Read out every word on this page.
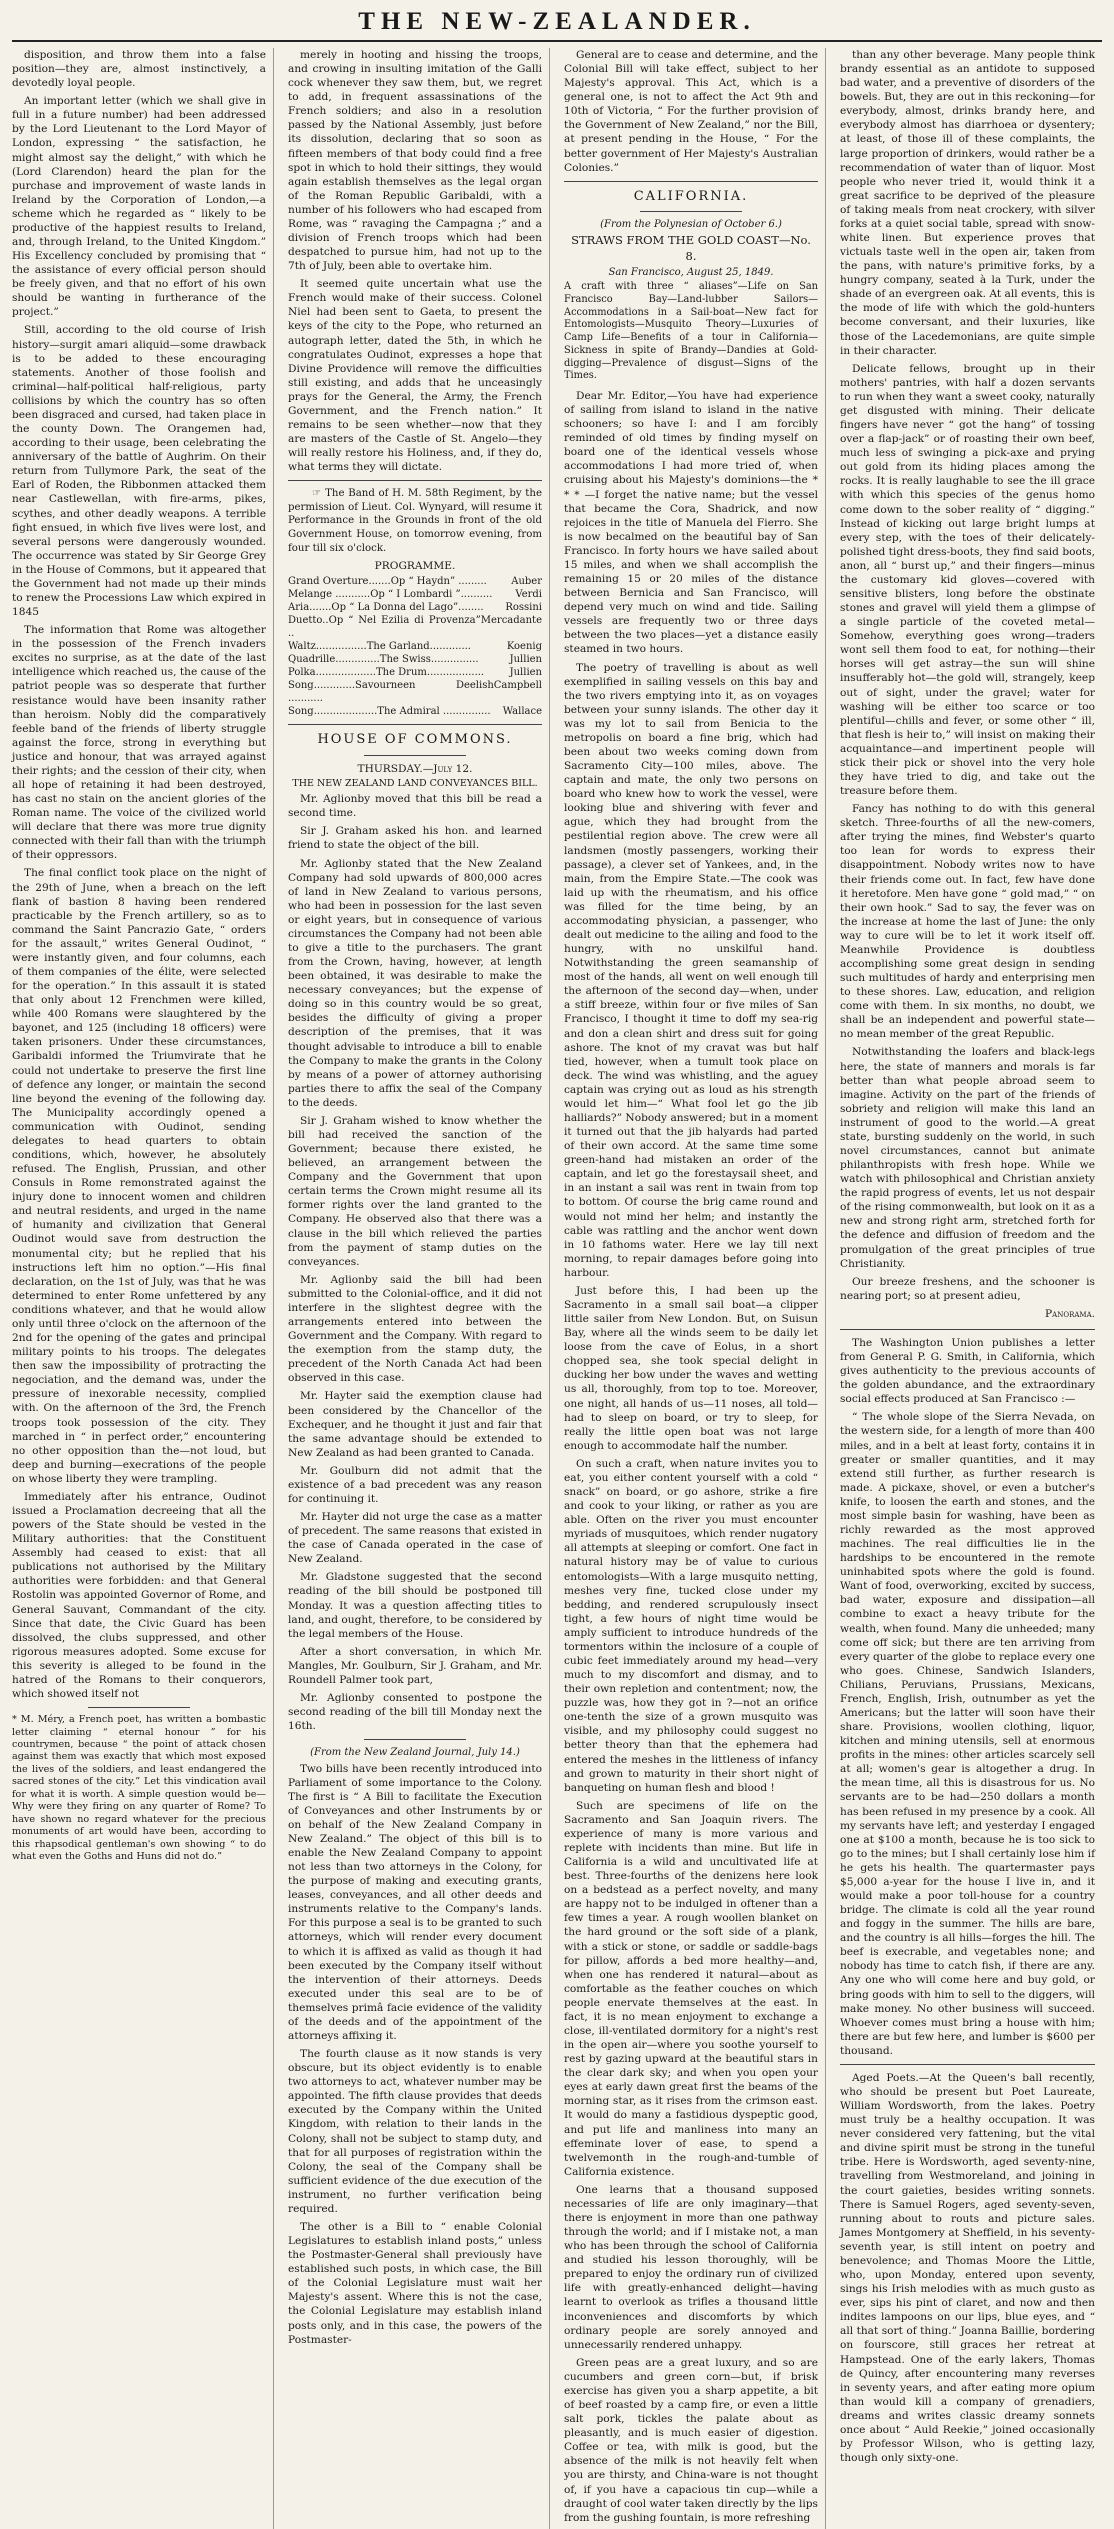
THE NEW-ZEALANDER.

disposition, and throw them into a false position—they are, almost instinctively, a devotedly loyal people.

An important letter (which we shall give in full in a future number) had been addressed by the Lord Lieutenant to the Lord Mayor of London, expressing “ the satisfaction, he might almost say the delight,” with which he (Lord Clarendon) heard the plan for the purchase and improvement of waste lands in Ireland by the Corporation of London,—a scheme which he regarded as “ likely to be productive of the happiest results to Ireland, and, through Ireland, to the United Kingdom.” His Excellency concluded by promising that “ the assistance of every official person should be freely given, and that no effort of his own should be wanting in furtherance of the project.”

Still, according to the old course of Irish history—surgit amari aliquid—some drawback is to be added to these encouraging statements. Another of those foolish and criminal—half-political half-religious, party collisions by which the country has so often been disgraced and cursed, had taken place in the county Down. The Orangemen had, according to their usage, been celebrating the anniversary of the battle of Aughrim. On their return from Tullymore Park, the seat of the Earl of Roden, the Ribbonmen attacked them near Castlewellan, with fire-arms, pikes, scythes, and other deadly weapons. A terrible fight ensued, in which five lives were lost, and several persons were dangerously wounded. The occurrence was stated by Sir George Grey in the House of Commons, but it appeared that the Government had not made up their minds to renew the Processions Law which expired in 1845

The information that Rome was altogether in the possession of the French invaders excites no surprise, as at the date of the last intelligence which reached us, the cause of the patriot people was so desperate that further resistance would have been insanity rather than heroism. Nobly did the comparatively feeble band of the friends of liberty struggle against the force, strong in everything but justice and honour, that was arrayed against their rights; and the cession of their city, when all hope of retaining it had been destroyed, has cast no stain on the ancient glories of the Roman name. The voice of the civilized world will declare that there was more true dignity connected with their fall than with the triumph of their oppressors.

The final conflict took place on the night of the 29th of June, when a breach on the left flank of bastion 8 having been rendered practicable by the French artillery, so as to command the Saint Pancrazio Gate, “ orders for the assault,” writes General Oudinot, “ were instantly given, and four columns, each of them companies of the élite, were selected for the operation.” In this assault it is stated that only about 12 Frenchmen were killed, while 400 Romans were slaughtered by the bayonet, and 125 (including 18 officers) were taken prisoners. Under these circumstances, Garibaldi informed the Triumvirate that he could not undertake to preserve the first line of defence any longer, or maintain the second line beyond the evening of the following day. The Municipality accordingly opened a communication with Oudinot, sending delegates to head quarters to obtain conditions, which, however, he absolutely refused. The English, Prussian, and other Consuls in Rome remonstrated against the injury done to innocent women and children and neutral residents, and urged in the name of humanity and civilization that General Oudinot would save from destruction the monumental city; but he replied that his instructions left him no option.”—His final declaration, on the 1st of July, was that he was determined to enter Rome unfettered by any conditions whatever, and that he would allow only until three o'clock on the afternoon of the 2nd for the opening of the gates and principal military points to his troops. The delegates then saw the impossibility of protracting the negociation, and the demand was, under the pressure of inexorable necessity, complied with. On the afternoon of the 3rd, the French troops took possession of the city. They marched in “ in perfect order,” encountering no other opposition than the—not loud, but deep and burning—execrations of the people on whose liberty they were trampling.

Immediately after his entrance, Oudinot issued a Proclamation decreeing that all the powers of the State should be vested in the Military authorities: that the Constituent Assembly had ceased to exist: that all publications not authorised by the Military authorities were forbidden: and that General Rostolin was appointed Governor of Rome, and General Sauvant, Commandant of the city. Since that date, the Civic Guard has been dissolved, the clubs suppressed, and other rigorous measures adopted. Some excuse for this severity is alleged to be found in the hatred of the Romans to their conquerors, which showed itself not

* M. Méry, a French poet, has written a bombastic letter claiming “ eternal honour ” for his countrymen, because “ the point of attack chosen against them was exactly that which most exposed the lives of the soldiers, and least endangered the sacred stones of the city.” Let this vindication avail for what it is worth. A simple question would be—Why were they firing on any quarter of Rome? To have shown no regard whatever for the precious monuments of art would have been, according to this rhapsodical gentleman's own showing “ to do what even the Goths and Huns did not do.”

merely in hooting and hissing the troops, and crowing in insulting imitation of the Galli cock whenever they saw them, but, we regret to add, in frequent assassinations of the French soldiers; and also in a resolution passed by the National Assembly, just before its dissolution, declaring that so soon as fifteen members of that body could find a free spot in which to hold their sittings, they would again establish themselves as the legal organ of the Roman Republic Garibaldi, with a number of his followers who had escaped from Rome, was “ ravaging the Campagna ;” and a division of French troops which had been despatched to pursue him, had not up to the 7th of July, been able to overtake him.

It seemed quite uncertain what use the French would make of their success. Colonel Niel had been sent to Gaeta, to present the keys of the city to the Pope, who returned an autograph letter, dated the 5th, in which he congratulates Oudinot, expresses a hope that Divine Providence will remove the difficulties still existing, and adds that he unceasingly prays for the General, the Army, the French Government, and the French nation.” It remains to be seen whether—now that they are masters of the Castle of St. Angelo—they will really restore his Holiness, and, if they do, what terms they will dictate.

☞ The Band of H. M. 58th Regiment, by the permission of Lieut. Col. Wynyard, will resume it Performance in the Grounds in front of the old Government House, on tomorrow evening, from four till six o'clock.

PROGRAMME.
Grand Overture.......Op “ Haydn” ......... Auber
Melange ...........Op “ I Lombardi ”.......... Verdi
Aria.......Op “ La Donna del Lago”........ Rossini
Duetto..Op “ Nel Ezilia di Provenza” ..
Mercadante
Waltz................The Garland.............	Koenig
Quadrille..............The Swiss...............	Jullien
Polka...................The Drum..................	Jullien
Song.............Savourneen Deelish ...........
Campbell
Song....................The Admiral ............... Wallace
HOUSE OF COMMONS.
THURSDAY.—July 12.
THE NEW ZEALAND LAND CONVEYANCES BILL.

Mr. Aglionby moved that this bill be read a second time.

Sir J. Graham asked his hon. and learned friend to state the object of the bill.

Mr. Aglionby stated that the New Zealand Company had sold upwards of 800,000 acres of land in New Zealand to various persons, who had been in possession for the last seven or eight years, but in consequence of various circumstances the Company had not been able to give a title to the purchasers. The grant from the Crown, having, however, at length been obtained, it was desirable to make the necessary conveyances; but the expense of doing so in this country would be so great, besides the difficulty of giving a proper description of the premises, that it was thought advisable to introduce a bill to enable the Company to make the grants in the Colony by means of a power of attorney authorising parties there to affix the seal of the Company to the deeds.

Sir J. Graham wished to know whether the bill had received the sanction of the Government; because there existed, he believed, an arrangement between the Company and the Government that upon certain terms the Crown might resume all its former rights over the land granted to the Company. He observed also that there was a clause in the bill which relieved the parties from the payment of stamp duties on the conveyances.

Mr. Aglionby said the bill had been submitted to the Colonial-office, and it did not interfere in the slightest degree with the arrangements entered into between the Government and the Company. With regard to the exemption from the stamp duty, the precedent of the North Canada Act had been observed in this case.

Mr. Hayter said the exemption clause had been considered by the Chancellor of the Exchequer, and he thought it just and fair that the same advantage should be extended to New Zealand as had been granted to Canada.

Mr. Goulburn did not admit that the existence of a bad precedent was any reason for continuing it.

Mr. Hayter did not urge the case as a matter of precedent. The same reasons that existed in the case of Canada operated in the case of New Zealand.

Mr. Gladstone suggested that the second reading of the bill should be postponed till Monday. It was a question affecting titles to land, and ought, therefore, to be considered by the legal members of the House.

After a short conversation, in which Mr. Mangles, Mr. Goulburn, Sir J. Graham, and Mr. Roundell Palmer took part,

Mr. Aglionby consented to postpone the second reading of the bill till Monday next the 16th.

(From the New Zealand Journal, July 14.)

Two bills have been recently introduced into Parliament of some importance to the Colony. The first is “ A Bill to facilitate the Execution of Conveyances and other Instruments by or on behalf of the New Zealand Company in New Zealand.” The object of this bill is to enable the New Zealand Company to appoint not less than two attorneys in the Colony, for the purpose of making and executing grants, leases, conveyances, and all other deeds and instruments relative to the Company's lands. For this purpose a seal is to be granted to such attorneys, which will render every document to which it is affixed as valid as though it had been executed by the Company itself without the intervention of their attorneys. Deeds executed under this seal are to be of themselves primâ facie evidence of the validity of the deeds and of the appointment of the attorneys affixing it.

The fourth clause as it now stands is very obscure, but its object evidently is to enable two attorneys to act, whatever number may be appointed. The fifth clause provides that deeds executed by the Company within the United Kingdom, with relation to their lands in the Colony, shall not be subject to stamp duty, and that for all purposes of registration within the Colony, the seal of the Company shall be sufficient evidence of the due execution of the instrument, no further verification being required.

The other is a Bill to “ enable Colonial Legislatures to establish inland posts,” unless the Postmaster-General shall previously have established such posts, in which case, the Bill of the Colonial Legislature must wait her Majesty's assent. Where this is not the case, the Colonial Legislature may establish inland posts only, and in this case, the powers of the Postmaster-

General are to cease and determine, and the Colonial Bill will take effect, subject to her Majesty's approval. This Act, which is a general one, is not to affect the Act 9th and 10th of Victoria, “ For the further provision of the Government of New Zealand,” nor the Bill, at present pending in the House, “ For the better government of Her Majesty's Australian Colonies.”

CALIFORNIA.
(From the Polynesian of October 6.)
STRAWS FROM THE GOLD COAST—No. 8.
San Francisco, August 25, 1849.

A craft with three “ aliases”—Life on San Francisco Bay—Land-lubber Sailors—Accommodations in a Sail-boat—New fact for Entomologists—Musquito Theory—Luxuries of Camp Life—Benefits of a tour in California—Sickness in spite of Brandy—Dandies at Gold-digging—Prevalence of disgust—Signs of the Times.

Dear Mr. Editor,—You have had experience of sailing from island to island in the native schooners; so have I: and I am forcibly reminded of old times by finding myself on board one of the identical vessels whose accommodations I had more tried of, when cruising about his Majesty's dominions—the * * * —I forget the native name; but the vessel that became the Cora, Shadrick, and now rejoices in the title of Manuela del Fierro. She is now becalmed on the beautiful bay of San Francisco. In forty hours we have sailed about 15 miles, and when we shall accomplish the remaining 15 or 20 miles of the distance between Bernicia and San Francisco, will depend very much on wind and tide. Sailing vessels are frequently two or three days between the two places—yet a distance easily steamed in two hours.

The poetry of travelling is about as well exemplified in sailing vessels on this bay and the two rivers emptying into it, as on voyages between your sunny islands. The other day it was my lot to sail from Benicia to the metropolis on board a fine brig, which had been about two weeks coming down from Sacramento City—100 miles, above. The captain and mate, the only two persons on board who knew how to work the vessel, were looking blue and shivering with fever and ague, which they had brought from the pestilential region above. The crew were all landsmen (mostly passengers, working their passage), a clever set of Yankees, and, in the main, from the Empire State.—The cook was laid up with the rheumatism, and his office was filled for the time being, by an accommodating physician, a passenger, who dealt out medicine to the ailing and food to the hungry, with no unskilful hand. Notwithstanding the green seamanship of most of the hands, all went on well enough till the afternoon of the second day—when, under a stiff breeze, within four or five miles of San Francisco, I thought it time to doff my sea-rig and don a clean shirt and dress suit for going ashore. The knot of my cravat was but half tied, however, when a tumult took place on deck. The wind was whistling, and the aguey captain was crying out as loud as his strength would let him—“ What fool let go the jib halliards?” Nobody answered; but in a moment it turned out that the jib halyards had parted of their own accord. At the same time some green-hand had mistaken an order of the captain, and let go the forestaysail sheet, and in an instant a sail was rent in twain from top to bottom. Of course the brig came round and would not mind her helm; and instantly the cable was rattling and the anchor went down in 10 fathoms water. Here we lay till next morning, to repair damages before going into harbour.

Just before this, I had been up the Sacramento in a small sail boat—a clipper little sailer from New London. But, on Suisun Bay, where all the winds seem to be daily let loose from the cave of Eolus, in a short chopped sea, she took special delight in ducking her bow under the waves and wetting us all, thoroughly, from top to toe. Moreover, one night, all hands of us—11 noses, all told—had to sleep on board, or try to sleep, for really the little open boat was not large enough to accommodate half the number.

On such a craft, when nature invites you to eat, you either content yourself with a cold “ snack” on board, or go ashore, strike a fire and cook to your liking, or rather as you are able. Often on the river you must encounter myriads of musquitoes, which render nugatory all attempts at sleeping or comfort. One fact in natural history may be of value to curious entomologists—With a large musquito netting, meshes very fine, tucked close under my bedding, and rendered scrupulously insect tight, a few hours of night time would be amply sufficient to introduce hundreds of the tormentors within the inclosure of a couple of cubic feet immediately around my head—very much to my discomfort and dismay, and to their own repletion and contentment; now, the puzzle was, how they got in ?—not an orifice one-tenth the size of a grown musquito was visible, and my philosophy could suggest no better theory than that the ephemera had entered the meshes in the littleness of infancy and grown to maturity in their short night of banqueting on human flesh and blood !

Such are specimens of life on the Sacramento and San Joaquin rivers. The experience of many is more various and replete with incidents than mine. But life in California is a wild and uncultivated life at best. Three-fourths of the denizens here look on a bedstead as a perfect novelty, and many are happy not to be indulged in oftener than a few times a year. A rough woollen blanket on the hard ground or the soft side of a plank, with a stick or stone, or saddle or saddle-bags for pillow, affords a bed more healthy—and, when one has rendered it natural—about as comfortable as the feather couches on which people enervate themselves at the east. In fact, it is no mean enjoyment to exchange a close, ill-ventilated dormitory for a night's rest in the open air—where you soothe yourself to rest by gazing upward at the beautiful stars in the clear dark sky; and when you open your eyes at early dawn great first the beams of the morning star, as it rises from the crimson east. It would do many a fastidious dyspeptic good, and put life and manliness into many an effeminate lover of ease, to spend a twelvemonth in the rough-and-tumble of California existence.

One learns that a thousand supposed necessaries of life are only imaginary—that there is enjoyment in more than one pathway through the world; and if I mistake not, a man who has been through the school of California and studied his lesson thoroughly, will be prepared to enjoy the ordinary run of civilized life with greatly-enhanced delight—having learnt to overlook as trifles a thousand little inconveniences and discomforts by which ordinary people are sorely annoyed and unnecessarily rendered unhappy.

Green peas are a great luxury, and so are cucumbers and green corn—but, if brisk exercise has given you a sharp appetite, a bit of beef roasted by a camp fire, or even a little salt pork, tickles the palate about as pleasantly, and is much easier of digestion. Coffee or tea, with milk is good, but the absence of the milk is not heavily felt when you are thirsty, and China-ware is not thought of, if you have a capacious tin cup—while a draught of cool water taken directly by the lips from the gushing fountain, is more refreshing

than any other beverage. Many people think brandy essential as an antidote to supposed bad water, and a preventive of disorders of the bowels. But, they are out in this reckoning—for everybody, almost, drinks brandy here, and everybody almost has diarrhoea or dysentery; at least, of those ill of these complaints, the large proportion of drinkers, would rather be a recommendation of water than of liquor. Most people who never tried it, would think it a great sacrifice to be deprived of the pleasure of taking meals from neat crockery, with silver forks at a quiet social table, spread with snow-white linen. But experience proves that victuals taste well in the open air, taken from the pans, with nature's primitive forks, by a hungry company, seated à la Turk, under the shade of an evergreen oak. At all events, this is the mode of life with which the gold-hunters become conversant, and their luxuries, like those of the Lacedemonians, are quite simple in their character.

Delicate fellows, brought up in their mothers' pantries, with half a dozen servants to run when they want a sweet cooky, naturally get disgusted with mining. Their delicate fingers have never “ got the hang” of tossing over a flap-jack” or of roasting their own beef, much less of swinging a pick-axe and prying out gold from its hiding places among the rocks. It is really laughable to see the ill grace with which this species of the genus homo come down to the sober reality of “ digging.” Instead of kicking out large bright lumps at every step, with the toes of their delicately-polished tight dress-boots, they find said boots, anon, all “ burst up,” and their fingers—minus the customary kid gloves—covered with sensitive blisters, long before the obstinate stones and gravel will yield them a glimpse of a single particle of the coveted metal—Somehow, everything goes wrong—traders wont sell them food to eat, for nothing—their horses will get astray—the sun will shine insufferably hot—the gold will, strangely, keep out of sight, under the gravel; water for washing will be either too scarce or too plentiful—chills and fever, or some other “ ill, that flesh is heir to,” will insist on making their acquaintance—and impertinent people will stick their pick or shovel into the very hole they have tried to dig, and take out the treasure before them.

Fancy has nothing to do with this general sketch. Three-fourths of all the new-comers, after trying the mines, find Webster's quarto too lean for words to express their disappointment. Nobody writes now to have their friends come out. In fact, few have done it heretofore. Men have gone “ gold mad,” “ on their own hook.” Sad to say, the fever was on the increase at home the last of June: the only way to cure will be to let it work itself off. Meanwhile Providence is doubtless accomplishing some great design in sending such multitudes of hardy and enterprising men to these shores. Law, education, and religion come with them. In six months, no doubt, we shall be an independent and powerful state—no mean member of the great Republic.

Notwithstanding the loafers and black-legs here, the state of manners and morals is far better than what people abroad seem to imagine. Activity on the part of the friends of sobriety and religion will make this land an instrument of good to the world.—A great state, bursting suddenly on the world, in such novel circumstances, cannot but animate philanthropists with fresh hope. While we watch with philosophical and Christian anxiety the rapid progress of events, let us not despair of the rising commonwealth, but look on it as a new and strong right arm, stretched forth for the defence and diffusion of freedom and the promulgation of the great principles of true Christianity.

Our breeze freshens, and the schooner is nearing port; so at present adieu,

Panorama.

The Washington Union publishes a letter from General P. G. Smith, in California, which gives authenticity to the previous accounts of the golden abundance, and the extraordinary social effects produced at San Francisco :—

“ The whole slope of the Sierra Nevada, on the western side, for a length of more than 400 miles, and in a belt at least forty, contains it in greater or smaller quantities, and it may extend still further, as further research is made. A pickaxe, shovel, or even a butcher's knife, to loosen the earth and stones, and the most simple basin for washing, have been as richly rewarded as the most approved machines. The real difficulties lie in the hardships to be encountered in the remote uninhabited spots where the gold is found. Want of food, overworking, excited by success, bad water, exposure and dissipation—all combine to exact a heavy tribute for the wealth, when found. Many die unheeded; many come off sick; but there are ten arriving from every quarter of the globe to replace every one who goes. Chinese, Sandwich Islanders, Chilians, Peruvians, Prussians, Mexicans, French, English, Irish, outnumber as yet the Americans; but the latter will soon have their share. Provisions, woollen clothing, liquor, kitchen and mining utensils, sell at enormous profits in the mines: other articles scarcely sell at all; women's gear is altogether a drug. In the mean time, all this is disastrous for us. No servants are to be had—250 dollars a month has been refused in my presence by a cook. All my servants have left; and yesterday I engaged one at $100 a month, because he is too sick to go to the mines; but I shall certainly lose him if he gets his health. The quartermaster pays $5,000 a-year for the house I live in, and it would make a poor toll-house for a country bridge. The climate is cold all the year round and foggy in the summer. The hills are bare, and the country is all hills—forges the hill. The beef is execrable, and vegetables none; and nobody has time to catch fish, if there are any. Any one who will come here and buy gold, or bring goods with him to sell to the diggers, will make money. No other business will succeed. Whoever comes must bring a house with him; there are but few here, and lumber is $600 per thousand.

Aged Poets.—At the Queen's ball recently, who should be present but Poet Laureate, William Wordsworth, from the lakes. Poetry must truly be a healthy occupation. It was never considered very fattening, but the vital and divine spirit must be strong in the tuneful tribe. Here is Wordsworth, aged seventy-nine, travelling from Westmoreland, and joining in the court gaieties, besides writing sonnets. There is Samuel Rogers, aged seventy-seven, running about to routs and picture sales. James Montgomery at Sheffield, in his seventy-seventh year, is still intent on poetry and benevolence; and Thomas Moore the Little, who, upon Monday, entered upon seventy, sings his Irish melodies with as much gusto as ever, sips his pint of claret, and now and then indites lampoons on our lips, blue eyes, and “ all that sort of thing.” Joanna Baillie, bordering on fourscore, still graces her retreat at Hampstead. One of the early lakers, Thomas de Quincy, after encountering many reverses in seventy years, and after eating more opium than would kill a company of grenadiers, dreams and writes classic dreamy sonnets once about “ Auld Reekie,” joined occasionally by Professor Wilson, who is getting lazy, though only sixty-one.
